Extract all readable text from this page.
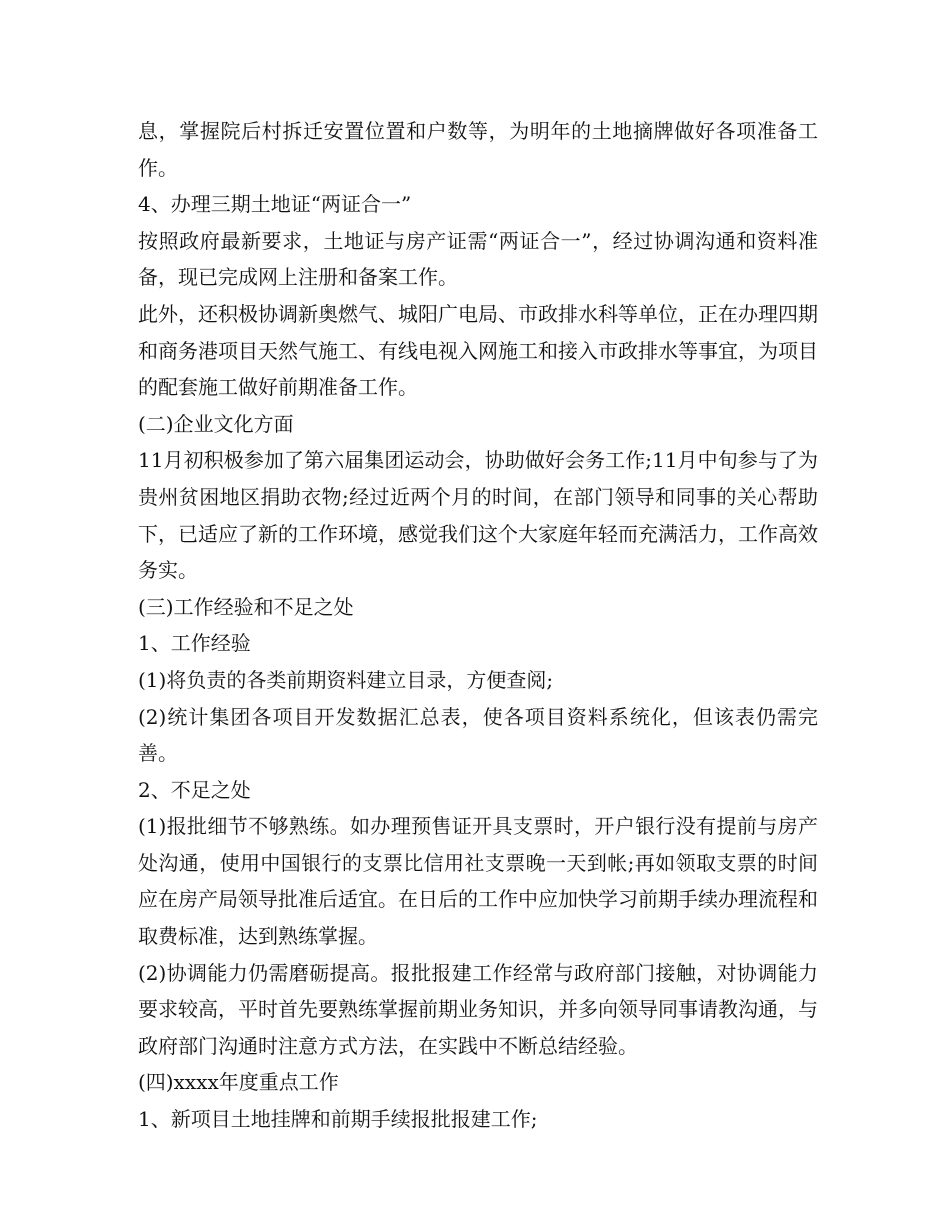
息，掌握院后村拆迁安置位置和户数等，为明年的土地摘牌做好各项准备工作。

4、办理三期土地证“两证合一”

按照政府最新要求，土地证与房产证需“两证合一”，经过协调沟通和资料准备，现已完成网上注册和备案工作。

此外，还积极协调新奥燃气、城阳广电局、市政排水科等单位，正在办理四期和商务港项目天然气施工、有线电视入网施工和接入市政排水等事宜，为项目的配套施工做好前期准备工作。

(二)企业文化方面

11月初积极参加了第六届集团运动会，协助做好会务工作;11月中旬参与了为贵州贫困地区捐助衣物;经过近两个月的时间，在部门领导和同事的关心帮助下，已适应了新的工作环境，感觉我们这个大家庭年轻而充满活力，工作高效务实。

(三)工作经验和不足之处

1、工作经验

(1)将负责的各类前期资料建立目录，方便查阅;

(2)统计集团各项目开发数据汇总表，使各项目资料系统化，但该表仍需完善。

2、不足之处

(1)报批细节不够熟练。如办理预售证开具支票时，开户银行没有提前与房产处沟通，使用中国银行的支票比信用社支票晚一天到帐;再如领取支票的时间应在房产局领导批准后适宜。在日后的工作中应加快学习前期手续办理流程和取费标准，达到熟练掌握。

(2)协调能力仍需磨砺提高。报批报建工作经常与政府部门接触，对协调能力要求较高，平时首先要熟练掌握前期业务知识，并多向领导同事请教沟通，与政府部门沟通时注意方式方法，在实践中不断总结经验。

(四)xxxx年度重点工作

1、新项目土地挂牌和前期手续报批报建工作;
